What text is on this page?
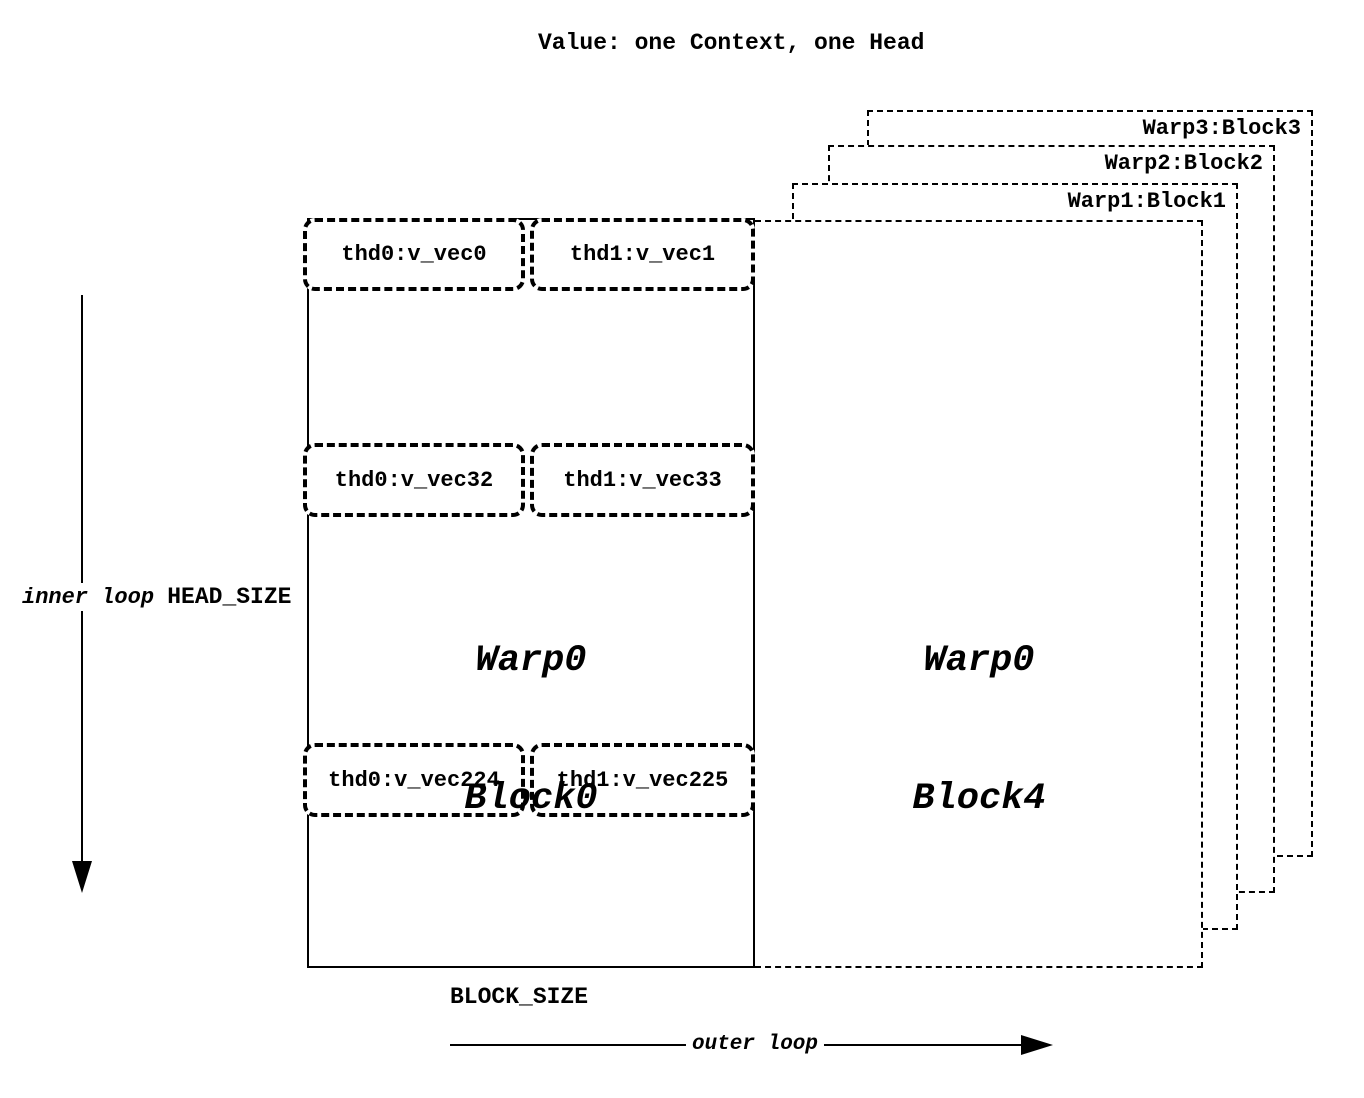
Warp3:Block3
Warp2:Block2
Warp1:Block1
thd0:v_vec0	thd1:v_vec1
thd0:v_vec32	thd1:v_vec33
thd0:v_vec224	thd1:v_vec225

Warp0

Block0

Warp0

Block4

inner loop HEAD_SIZE
BLOCK_SIZE
outer loop
Value: one Context, one Head
